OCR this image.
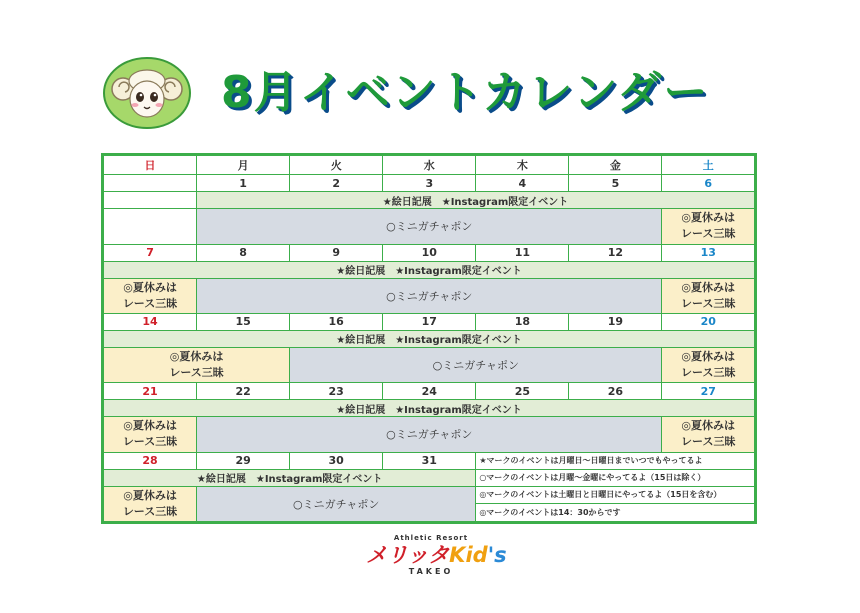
8月イベントカレンダー
日	月	火	水	木	金	土
	1	2	3	4	5	6
	★絵日記展　★Instagram限定イベント					
	○ミニガチャポン					◎夏休みは
レース三昧
7	8	9	10	11	12	13
★絵日記展　★Instagram限定イベント						
◎夏休みは
レース三昧	○ミニガチャポン					◎夏休みは
レース三昧
14	15	16	17	18	19	20
★絵日記展　★Instagram限定イベント						
◎夏休みは
レース三昧		○ミニガチャポン				◎夏休みは
レース三昧
21	22	23	24	25	26	27
★絵日記展　★Instagram限定イベント						
◎夏休みは
レース三昧	○ミニガチャポン					◎夏休みは
レース三昧
28	29	30	31	★マークのイベントは月曜日～日曜日までいつでもやってるよ		
★絵日記展　★Instagram限定イベント				○マークのイベントは月曜～金曜にやってるよ（15日は除く）		
◎夏休みは
レース三昧	○ミニガチャポン			◎マークのイベントは土曜日と日曜日にやってるよ（15日を含む）		
				◎マークのイベントは14：30からです		
Athletic Resort
メリッタKid's
TAKEO
